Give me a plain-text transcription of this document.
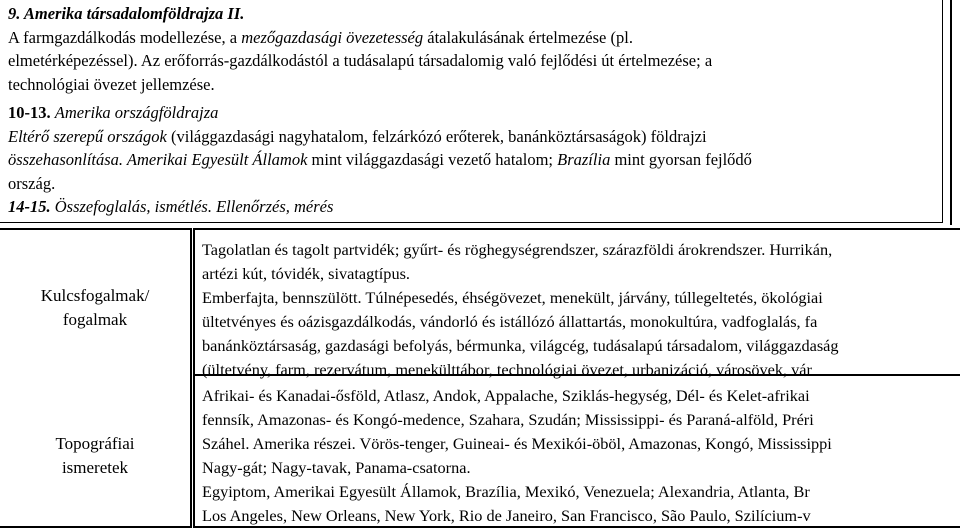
9. Amerika társadalomföldrajza II.

A farmgazdálkodás modellezése, a mezőgazdasági övezetesség átalakulásának értelmezése (pl.

elmetérképezéssel). Az erőforrás-gazdálkodástól a tudásalapú társadalomig való fejlődési út értelmezése; a

technológiai övezet jellemzése.

10-13. Amerika országföldrajza

Eltérő szerepű országok (világgazdasági nagyhatalom, felzárkózó erőterek, banánköztársaságok) földrajzi

összehasonlítása. Amerikai Egyesült Államok mint világgazdasági vezető hatalom; Brazília mint gyorsan fejlődő

ország.

14-15. Összefoglalás, ismétlés. Ellenőrzés, mérés

Kulcsfogalmak/
fogalmak

Tagolatlan és tagolt partvidék; gyűrt- és röghegységrendszer, szárazföldi árokrendszer. Hurrikán,

artézi kút, tóvidék, sivatagtípus.

Emberfajta, bennszülött. Túlnépesedés, éhségövezet, menekült, járvány, túllegeltetés, ökológiai

ültetvényes és oázisgazdálkodás, vándorló és istállózó állattartás, monokultúra, vadfoglalás, fa

banánköztársaság, gazdasági befolyás, bérmunka, világcég, tudásalapú társadalom, világgazdaság

(ültetvény, farm, rezervátum, menekülttábor, technológiai övezet, urbanizáció, városövek, vár

Topográfiai
ismeretek

Afrikai- és Kanadai-ősföld, Atlasz, Andok, Appalache, Sziklás-hegység, Dél- és Kelet-afrikai

fennsík, Amazonas- és Kongó-medence, Szahara, Szudán; Mississippi- és Paraná-alföld, Préri

Száhel. Amerika részei. Vörös-tenger, Guineai- és Mexikói-öböl, Amazonas, Kongó, Mississippi

Nagy-gát; Nagy-tavak, Panama-csatorna.

Egyiptom, Amerikai Egyesült Államok, Brazília, Mexikó, Venezuela; Alexandria, Atlanta, Br

Los Angeles, New Orleans, New York, Rio de Janeiro, San Francisco, São Paulo, Szilícium-v
